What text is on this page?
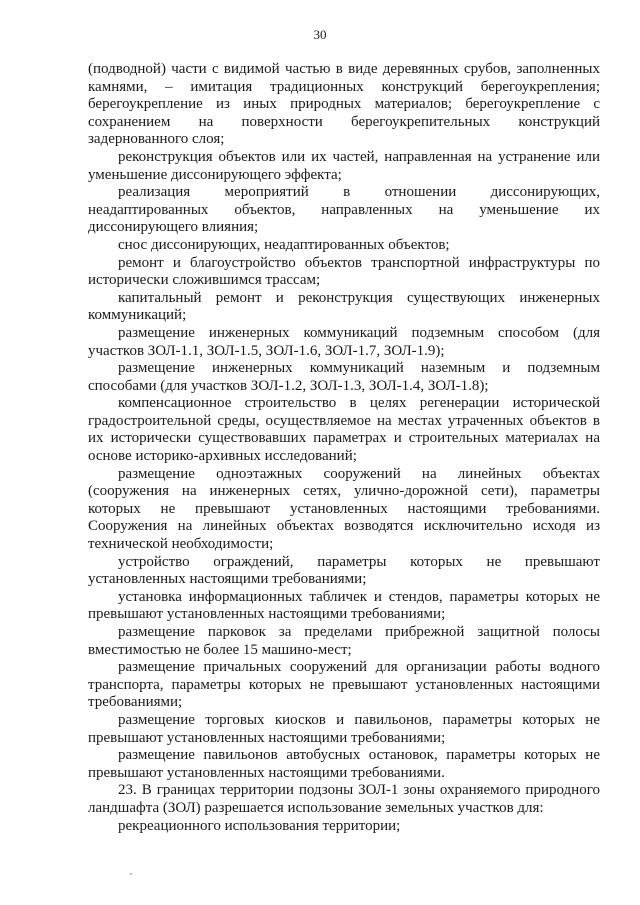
30
(подводной) части с видимой частью в виде деревянных срубов, заполненных
камнями, – имитация традиционных конструкций берегоукрепления;
берегоукрепление из иных природных материалов; берегоукрепление с
сохранением на поверхности берегоукрепительных конструкций
задернованного слоя;
реконструкция объектов или их частей, направленная на устранение или
уменьшение диссонирующего эффекта;
реализация мероприятий в отношении диссонирующих,
неадаптированных объектов, направленных на уменьшение их
диссонирующего влияния;
снос диссонирующих, неадаптированных объектов;
ремонт и благоустройство объектов транспортной инфраструктуры по
исторически сложившимся трассам;
капитальный ремонт и реконструкция существующих инженерных
коммуникаций;
размещение инженерных коммуникаций подземным способом (для
участков ЗОЛ-1.1, ЗОЛ-1.5, ЗОЛ-1.6, ЗОЛ-1.7, ЗОЛ-1.9);
размещение инженерных коммуникаций наземным и подземным
способами (для участков ЗОЛ-1.2, ЗОЛ-1.3, ЗОЛ-1.4, ЗОЛ-1.8);
компенсационное строительство в целях регенерации исторической
градостроительной среды, осуществляемое на местах утраченных объектов в
их исторически существовавших параметрах и строительных материалах на
основе историко-архивных исследований;
размещение одноэтажных сооружений на линейных объектах
(сооружения на инженерных сетях, улично-дорожной сети), параметры
которых не превышают установленных настоящими требованиями.
Сооружения на линейных объектах возводятся исключительно исходя из
технической необходимости;
устройство ограждений, параметры которых не превышают
установленных настоящими требованиями;
установка информационных табличек и стендов, параметры которых не
превышают установленных настоящими требованиями;
размещение парковок за пределами прибрежной защитной полосы
вместимостью не более 15 машино-мест;
размещение причальных сооружений для организации работы водного
транспорта, параметры которых не превышают установленных настоящими
требованиями;
размещение торговых киосков и павильонов, параметры которых не
превышают установленных настоящими требованиями;
размещение павильонов автобусных остановок, параметры которых не
превышают установленных настоящими требованиями.
23. В границах территории подзоны ЗОЛ-1 зоны охраняемого природного
ландшафта (ЗОЛ) разрешается использование земельных участков для:
рекреационного использования территории;
